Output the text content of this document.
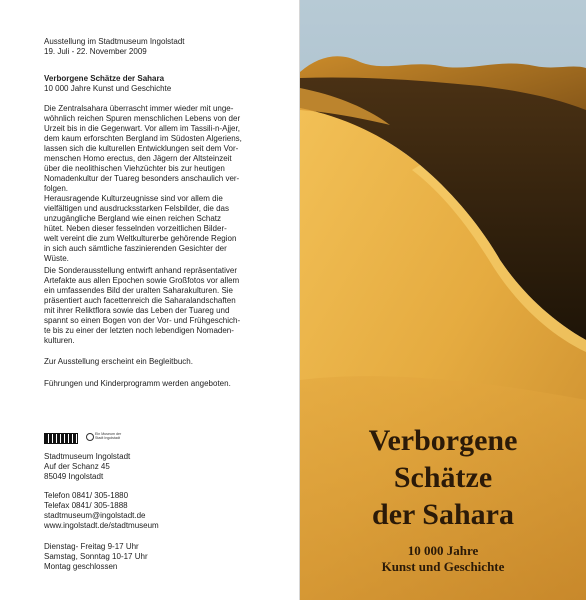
Ausstellung im Stadtmuseum Ingolstadt

19. Juli - 22. November 2009

Verborgene Schätze der Sahara

10 000 Jahre Kunst und Geschichte

Die Zentralsahara überrascht immer wieder mit unge-

wöhnlich reichen Spuren menschlichen Lebens von der

Urzeit bis in die Gegenwart. Vor allem im Tassili-n-Ajjer,

dem kaum erforschten Bergland im Südosten Algeriens,

lassen sich die kulturellen Entwicklungen seit dem Vor-

menschen Homo erectus, den Jägern der Altsteinzeit

über die neolithischen Viehzüchter bis zur heutigen

Nomadenkultur der Tuareg besonders anschaulich ver-

folgen.

Herausragende Kulturzeugnisse sind vor allem die

vielfältigen und ausdrucksstarken Felsbilder, die das

unzugängliche Bergland wie einen reichen Schatz

hütet. Neben dieser fesselnden vorzeitlichen Bilder-

welt vereint die zum Weltkulturerbe gehörende Region

in sich auch sämtliche faszinierenden Gesichter der

Wüste.

Die Sonderausstellung entwirft anhand repräsentativer

Artefakte aus allen Epochen sowie Großfotos vor allem

ein umfassendes Bild der uralten Saharakulturen. Sie

präsentiert auch facettenreich die Saharalandschaften

mit ihrer Reliktflora sowie das Leben der Tuareg und

spannt so einen Bogen von der Vor- und Frühgeschich-

te bis zu einer der letzten noch lebendigen Nomaden-

kulturen.

Zur Ausstellung erscheint ein Begleitbuch.

Führungen und Kinderprogramm werden angeboten.

Ein Museum der
Stadt Ingolstadt

Stadtmuseum Ingolstadt

Auf der Schanz 45

85049 Ingolstadt

Telefon 0841/ 305-1880

Telefax 0841/ 305-1888

stadtmuseum@ingolstadt.de

www.ingolstadt.de/stadtmuseum

Dienstag- Freitag 9-17 Uhr

Samstag, Sonntag 10-17 Uhr

Montag geschlossen

Verborgene

Schätze

der Sahara

10 000 Jahre

Kunst und Geschichte
